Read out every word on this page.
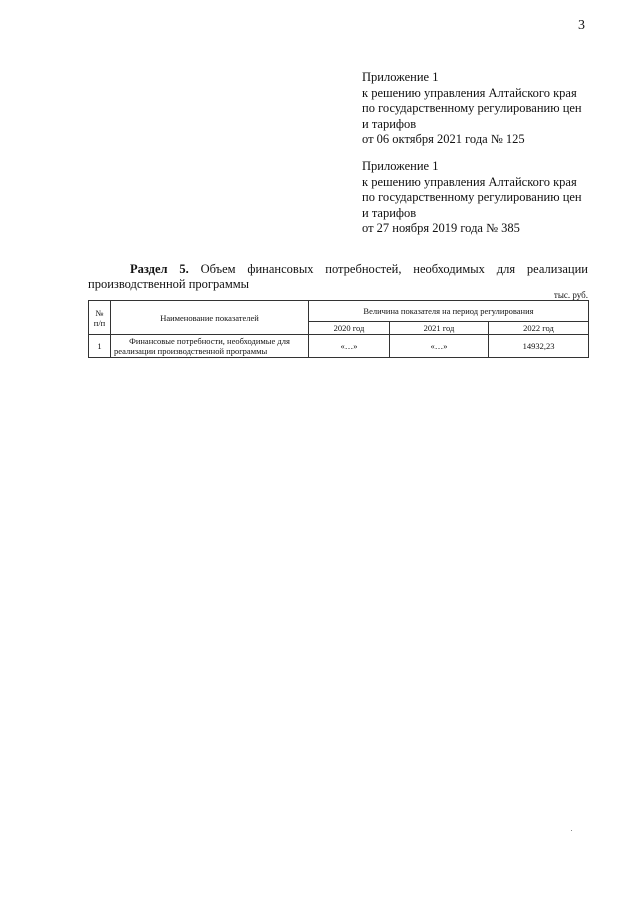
3
Приложение 1
к решению управления Алтайского края
по государственному регулированию цен
и тарифов
от 06 октября 2021 года № 125
Приложение 1
к решению управления Алтайского края
по государственному регулированию цен
и тарифов
от 27 ноября 2019 года № 385
Раздел 5. Объем финансовых потребностей, необходимых для реализации производственной программы
тыс. руб.
№ п/п	Наименование показателей	Величина показателя на период регулирования		
		2020 год	2021 год	2022 год
1	Финансовые потребности, необходимые для реализации производственной программы	«…»	«…»	14932,23
